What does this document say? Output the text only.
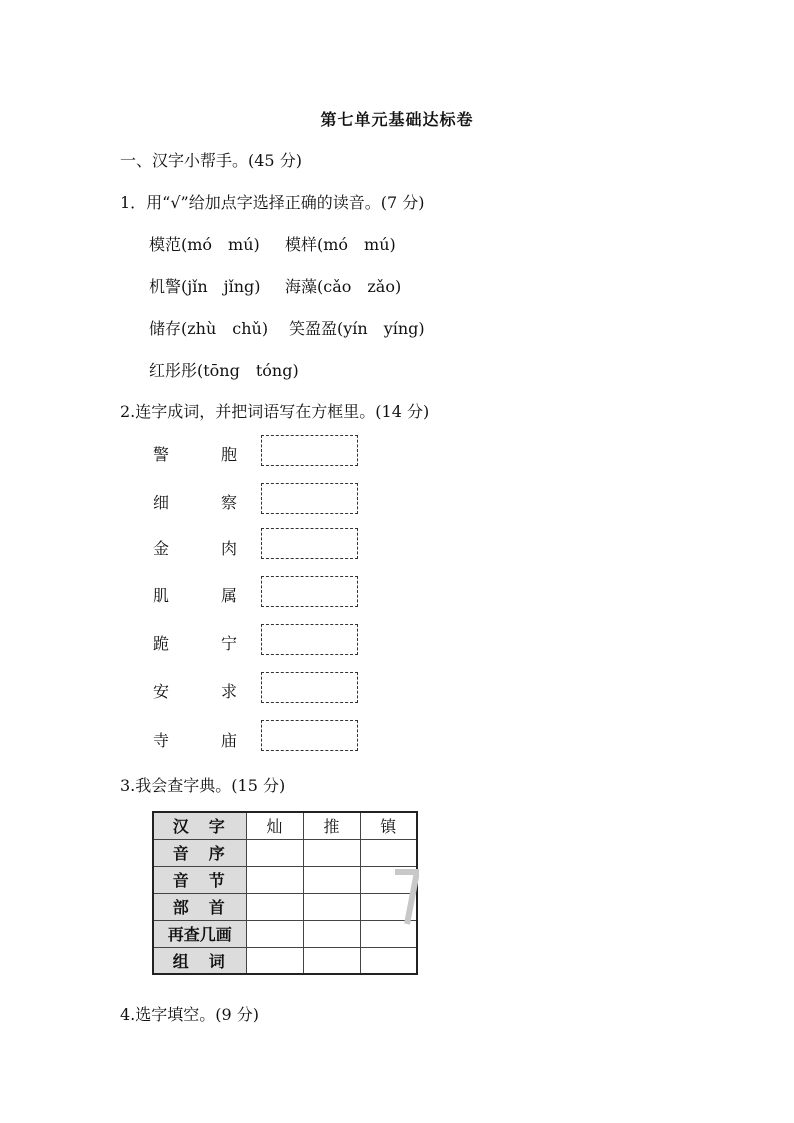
第七单元基础达标卷
一、汉字小帮手。(45 分)
1．用“√”给加点字选择正确的读音。(7 分)
模范(mó　mú) 模样(mó　mú)
机警(jǐn　jǐng) 海藻(cǎo　zǎo)
储存(zhù　chǔ) 笑盈盈(yín　yíng)
红彤彤(tōng　tóng)
2.连字成词，并把词语写在方框里。(14 分)
警	胞
细	察
金	肉
肌	属
跪	宁
安	求
寺	庙
3.我会查字典。(15 分)
汉　字	灿	推	镇
音　序			
音　节			
部　首			
再查几画			
组　词			
4.选字填空。(9 分)
